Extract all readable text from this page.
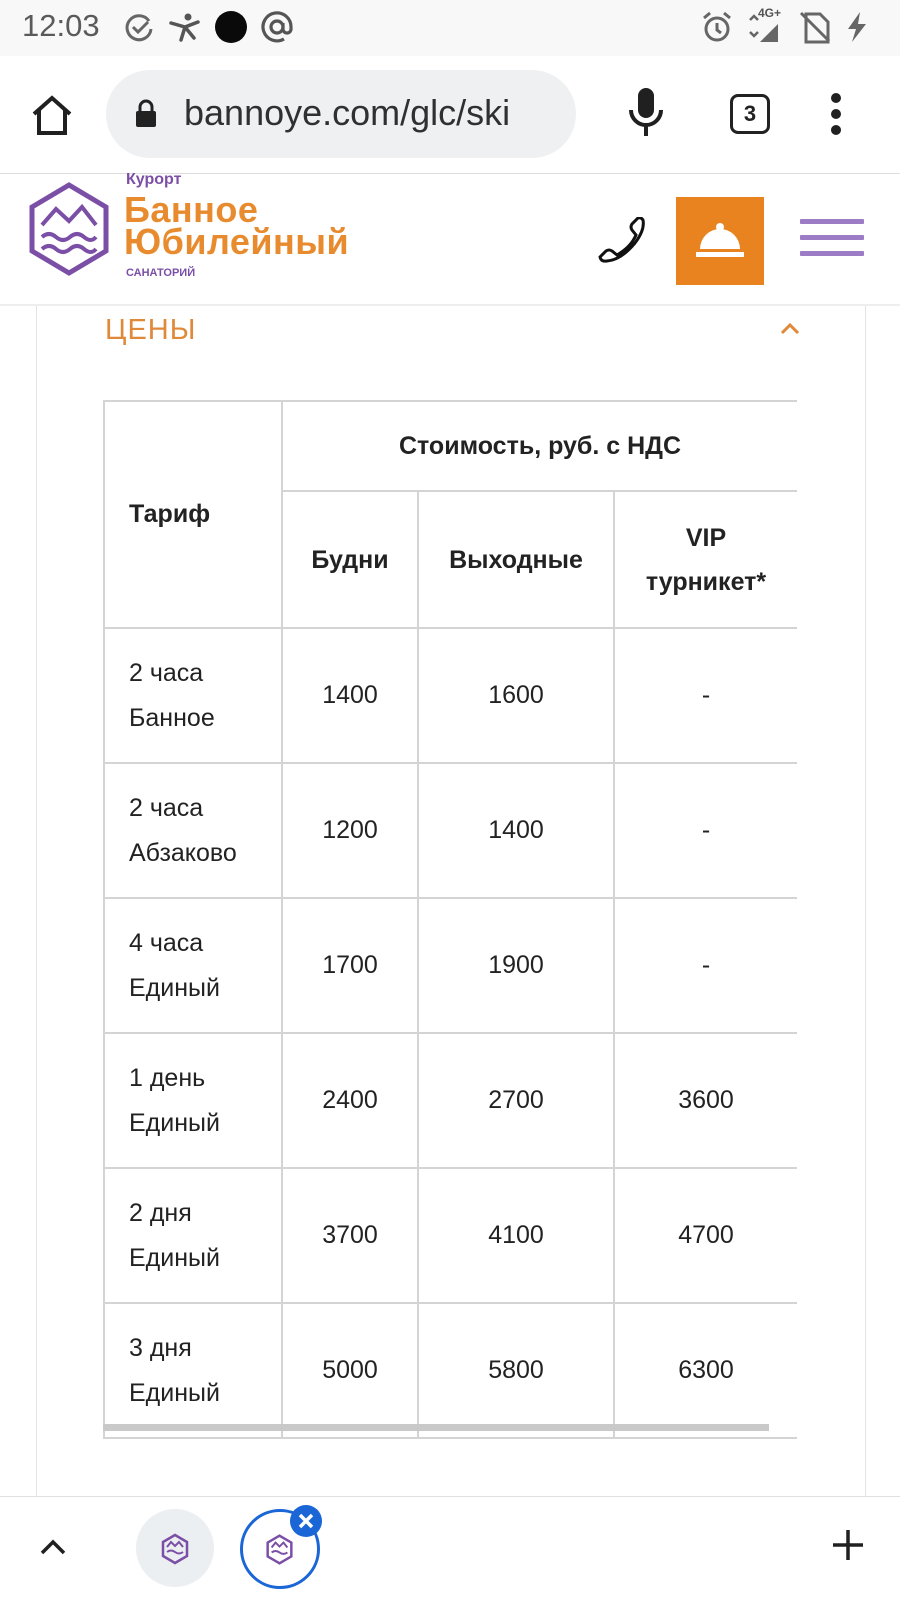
12:03	4G+
bannoye.com/glc/ski	3
Курорт
Банное
Юбилейный
САНАТОРИЙ
ЦЕНЫ
Тариф	Стоимость, руб. с НДС		
	Будни	Выходные	VIP
турникет*
2 часа
Банное	1400	1600	-
2 часа
Абзаково	1200	1400	-
4 часа
Единый	1700	1900	-
1 день
Единый	2400	2700	3600
2 дня
Единый	3700	4100	4700
3 дня
Единый	5000	5800	6300
